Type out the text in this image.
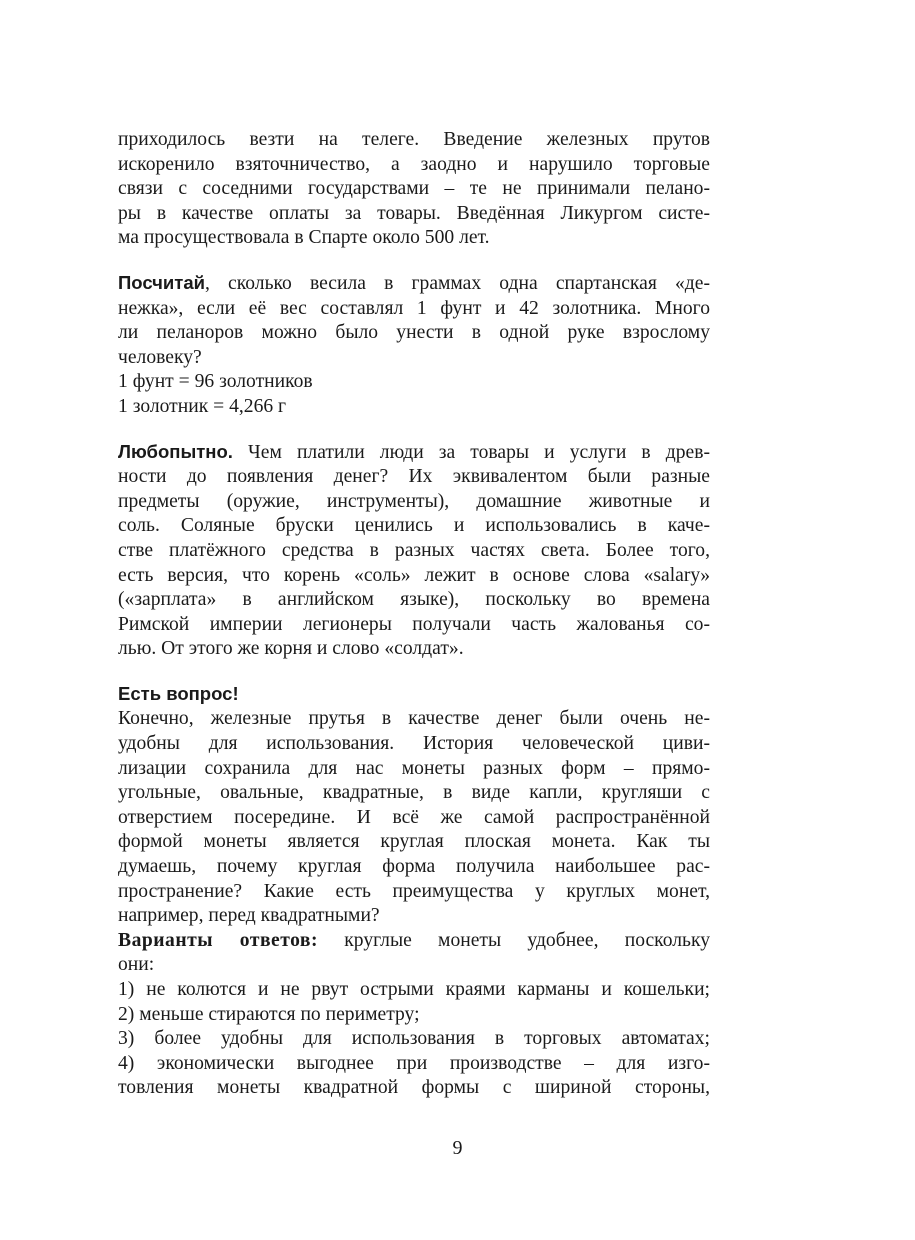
приходилось везти на телеге. Введение железных прутов
искоренило взяточничество, а заодно и нарушило торговые
связи с соседними государствами – те не принимали пелано-
ры в качестве оплаты за товары. Введённая Ликургом систе-
ма просуществовала в Спарте около 500 лет.
Посчитай, сколько весила в граммах одна спартанская «де-
нежка», если её вес составлял 1 фунт и 42 золотника. Много
ли пеланоров можно было унести в одной руке взрослому
человеку?
1 фунт = 96 золотников
1 золотник = 4,266 г
Любопытно. Чем платили люди за товары и услуги в древ-
ности до появления денег? Их эквивалентом были разные
предметы (оружие, инструменты), домашние животные и
соль. Соляные бруски ценились и использовались в каче-
стве платёжного средства в разных частях света. Более того,
есть версия, что корень «соль» лежит в основе слова «salary»
(«зарплата» в английском языке), поскольку во времена
Римской империи легионеры получали часть жалованья со-
лью. От этого же корня и слово «солдат».
Есть вопрос!
Конечно, железные прутья в качестве денег были очень не-
удобны для использования. История человеческой циви-
лизации сохранила для нас монеты разных форм – прямо-
угольные, овальные, квадратные, в виде капли, кругляши с
отверстием посередине. И всё же самой распространённой
формой монеты является круглая плоская монета. Как ты
думаешь, почему круглая форма получила наибольшее рас-
пространение? Какие есть преимущества у круглых монет,
например, перед квадратными?
Варианты ответов: круглые монеты удобнее, поскольку
они:
1) не колются и не рвут острыми краями карманы и кошельки;
2) меньше стираются по периметру;
3) более удобны для использования в торговых автоматах;
4) экономически выгоднее при производстве – для изго-
товления монеты квадратной формы с шириной стороны,
9
